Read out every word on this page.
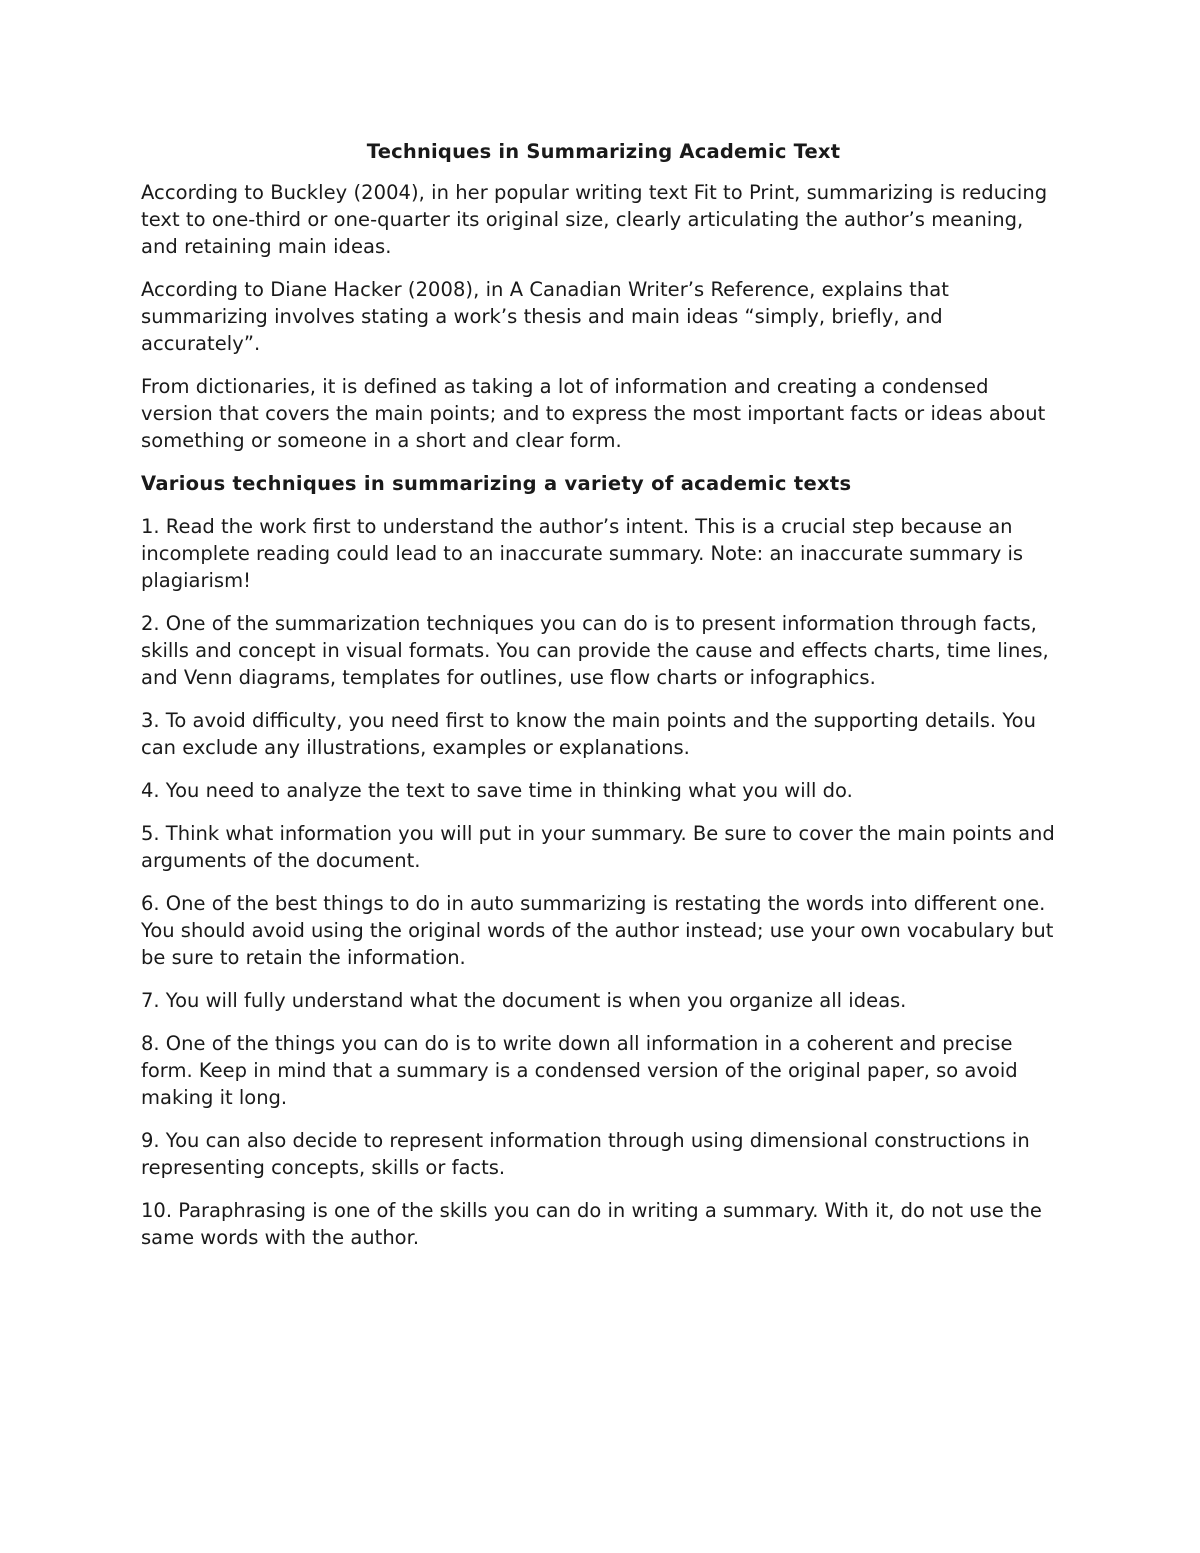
Techniques in Summarizing Academic Text

According to Buckley (2004), in her popular writing text Fit to Print, summarizing is reducing text to one-third or one-quarter its original size, clearly articulating the author’s meaning, and retaining main ideas.

According to Diane Hacker (2008), in A Canadian Writer’s Reference, explains that summarizing involves stating a work’s thesis and main ideas “simply, briefly, and accurately”.

From dictionaries, it is defined as taking a lot of information and creating a condensed version that covers the main points; and to express the most important facts or ideas about something or someone in a short and clear form.

Various techniques in summarizing a variety of academic texts

1. Read the work first to understand the author’s intent. This is a crucial step because an incomplete reading could lead to an inaccurate summary. Note: an inaccurate summary is plagiarism!

2. One of the summarization techniques you can do is to present information through facts, skills and concept in visual formats. You can provide the cause and effects charts, time lines, and Venn diagrams, templates for outlines, use flow charts or infographics.

3. To avoid difficulty, you need first to know the main points and the supporting details. You can exclude any illustrations, examples or explanations.

4. You need to analyze the text to save time in thinking what you will do.

5. Think what information you will put in your summary. Be sure to cover the main points and arguments of the document.

6. One of the best things to do in auto summarizing is restating the words into different one. You should avoid using the original words of the author instead; use your own vocabulary but be sure to retain the information.

7. You will fully understand what the document is when you organize all ideas.

8. One of the things you can do is to write down all information in a coherent and precise form. Keep in mind that a summary is a condensed version of the original paper, so avoid making it long.

9. You can also decide to represent information through using dimensional constructions in representing concepts, skills or facts.

10. Paraphrasing is one of the skills you can do in writing a summary. With it, do not use the same words with the author.
